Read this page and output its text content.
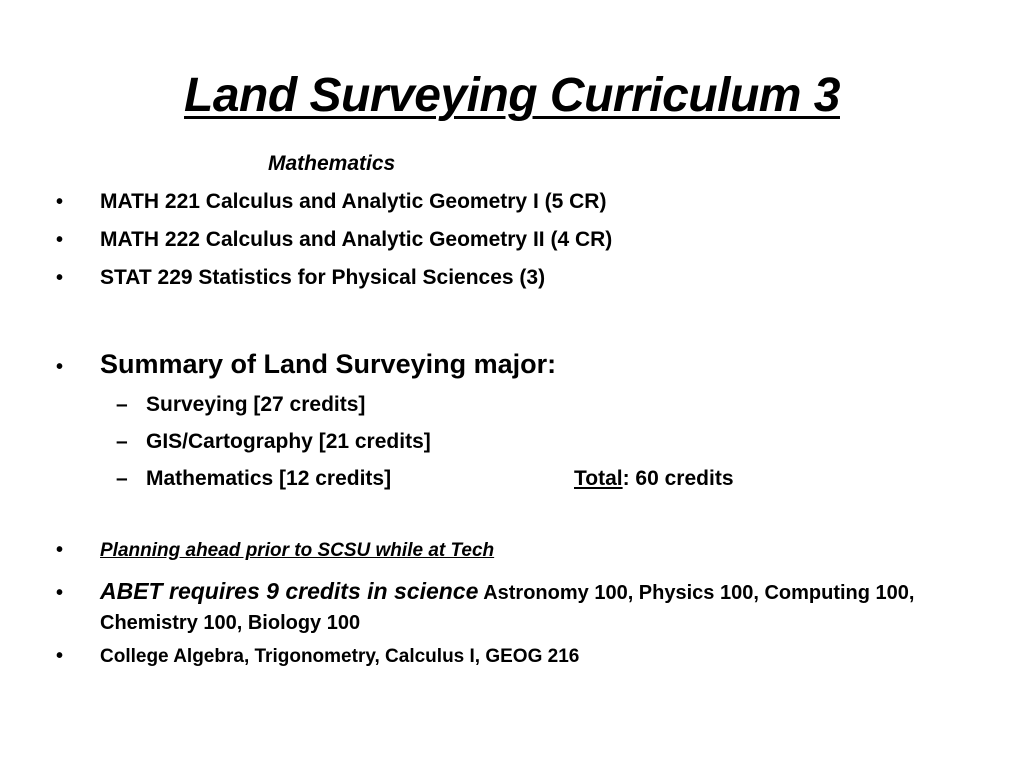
Land Surveying Curriculum 3
Mathematics
•	MATH 221 Calculus and Analytic Geometry I (5 CR)
•	MATH 222 Calculus and Analytic Geometry II (4 CR)
•	STAT 229 Statistics for Physical Sciences (3)
•	Summary of Land Surveying major:
– Surveying [27 credits]
– GIS/Cartography [21 credits]
– Mathematics [12 credits]	Total: 60 credits
•	Planning ahead prior to SCSU while at Tech
•	ABET requires 9 credits in science Astronomy 100, Physics 100, Computing 100, Chemistry 100, Biology 100
•	College Algebra, Trigonometry, Calculus I, GEOG 216
